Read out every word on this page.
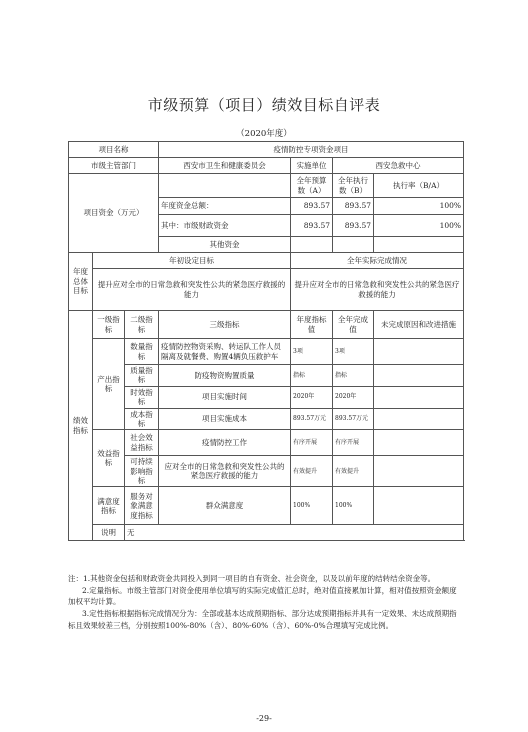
市级预算（项目）绩效目标自评表
（2020年度）
项目名称			疫情防控专项资金项目			
市级主管部门			西安市卫生和健康委员会	实施单位	西安急救中心	
项目资金（万元）				全年预算数（A）	全年执行数（B）	执行率（B/A）
			年度资金总额：	893.57	893.57	100%
			其中：市级财政资金	893.57	893.57	100%
			其他资金			
年度总体目标	年初设定目标			全年实际完成情况		
	提升应对全市的日常急救和突发性公共的紧急医疗救援的能力			提升应对全市的日常急救和突发性公共的紧急医疗救援的能力		
绩效指标	一级指标	二级指标	三级指标	年度指标值	全年完成值	未完成原因和改进措施
	产出指标	数量指标	疫情防控物资采购、转运队工作人员隔离及就餐费、购置4辆负压救护车	3项	3项	
		质量指标	防疫物资购置质量	指标	指标	
		时效指标	项目实施时间	2020年	2020年	
		成本指标	项目实施成本	893.57万元	893.57万元	
	效益指标	社会效益指标	疫情防控工作	有序开展	有序开展	
		可持续影响指标	应对全市的日常急救和突发性公共的紧急医疗救援的能力	有效提升	有效提升	
	满意度指标	服务对象满意度指标	群众满意度	100%	100%	
	说明	无				

注：1.其他资金包括和财政资金共同投入到同一项目的自有资金、社会资金，以及以前年度的结转结余资金等。

2.定量指标。市级主管部门对资金使用单位填写的实际完成值汇总时，绝对值直接累加计算，相对值按照资金额度加权平均计算。

3.定性指标根据指标完成情况分为：全部或基本达成预期指标、部分达成预期指标并具有一定效果、未达成预期指标且效果较差三档，分别按照100%-80%（含）、80%-60%（含）、60%-0%合理填写完成比例。

-29-
